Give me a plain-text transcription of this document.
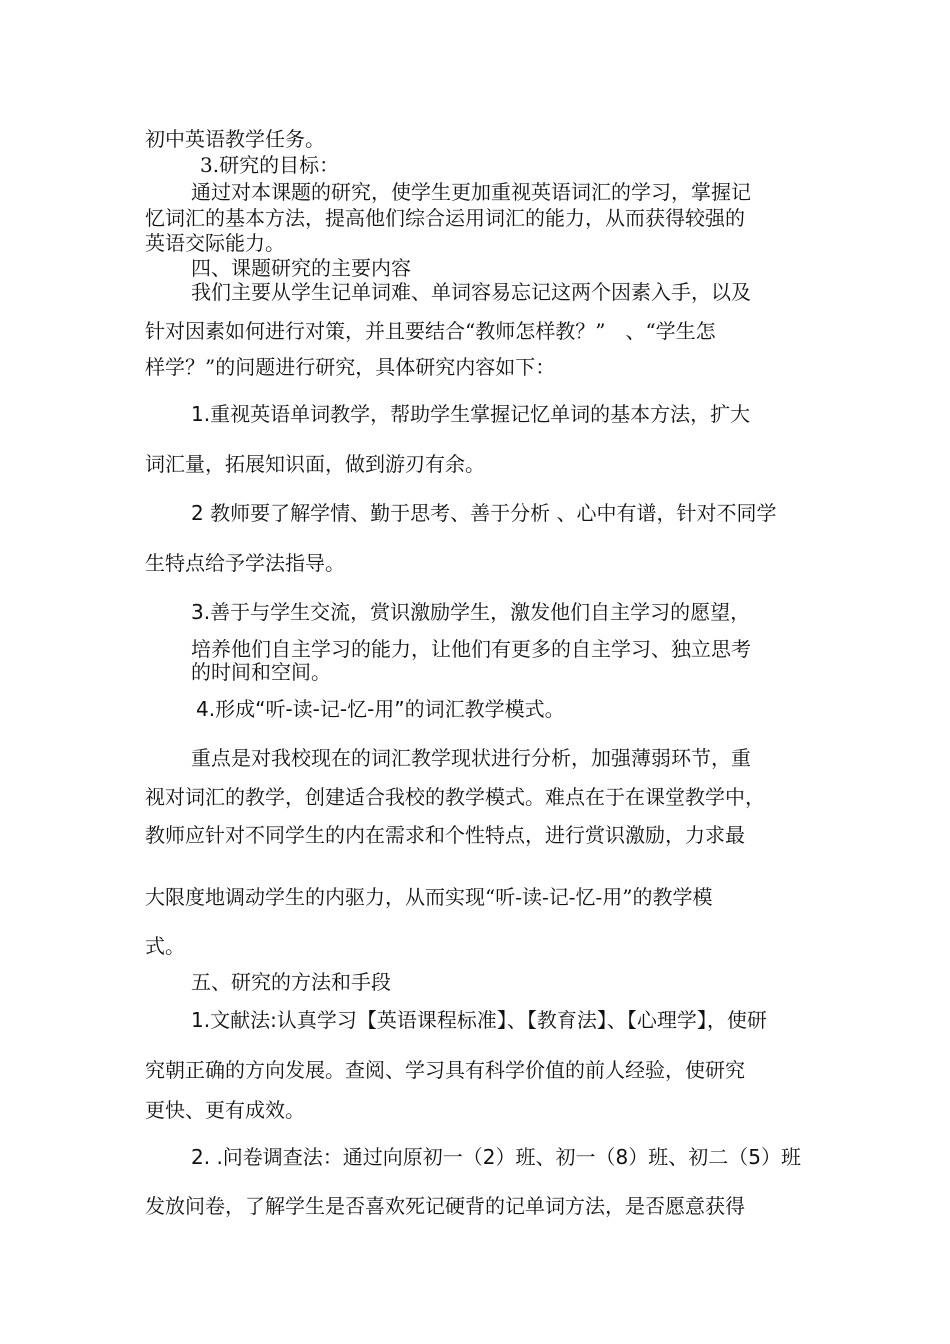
初中英语教学任务。

3.研究的目标：

通过对本课题的研究，使学生更加重视英语词汇的学习，掌握记

忆词汇的基本方法，提高他们综合运用词汇的能力，从而获得较强的

英语交际能力。

四、课题研究的主要内容

我们主要从学生记单词难、单词容易忘记这两个因素入手，以及

针对因素如何进行对策，并且要结合“教师怎样教？”　、“学生怎

样学？”的问题进行研究，具体研究内容如下：

1.重视英语单词教学，帮助学生掌握记忆单词的基本方法，扩大

词汇量，拓展知识面，做到游刃有余。

2 教师要了解学情、勤于思考、善于分析 、心中有谱，针对不同学

生特点给予学法指导。

3.善于与学生交流，赏识激励学生，激发他们自主学习的愿望，

培养他们自主学习的能力，让他们有更多的自主学习、独立思考

的时间和空间。

4.形成“听-读-记-忆-用”的词汇教学模式。

重点是对我校现在的词汇教学现状进行分析，加强薄弱环节，重

视对词汇的教学，创建适合我校的教学模式。难点在于在课堂教学中，

教师应针对不同学生的内在需求和个性特点，进行赏识激励，力求最

大限度地调动学生的内驱力，从而实现“听-读-记-忆-用”的教学模

式。

五、研究的方法和手段

1.文献法:认真学习【英语课程标准】、【教育法】、【心理学】，使研

究朝正确的方向发展。查阅、学习具有科学价值的前人经验，使研究

更快、更有成效。

2. .问卷调查法：通过向原初一（2）班、初一（8）班、初二（5）班

发放问卷，了解学生是否喜欢死记硬背的记单词方法，是否愿意获得
